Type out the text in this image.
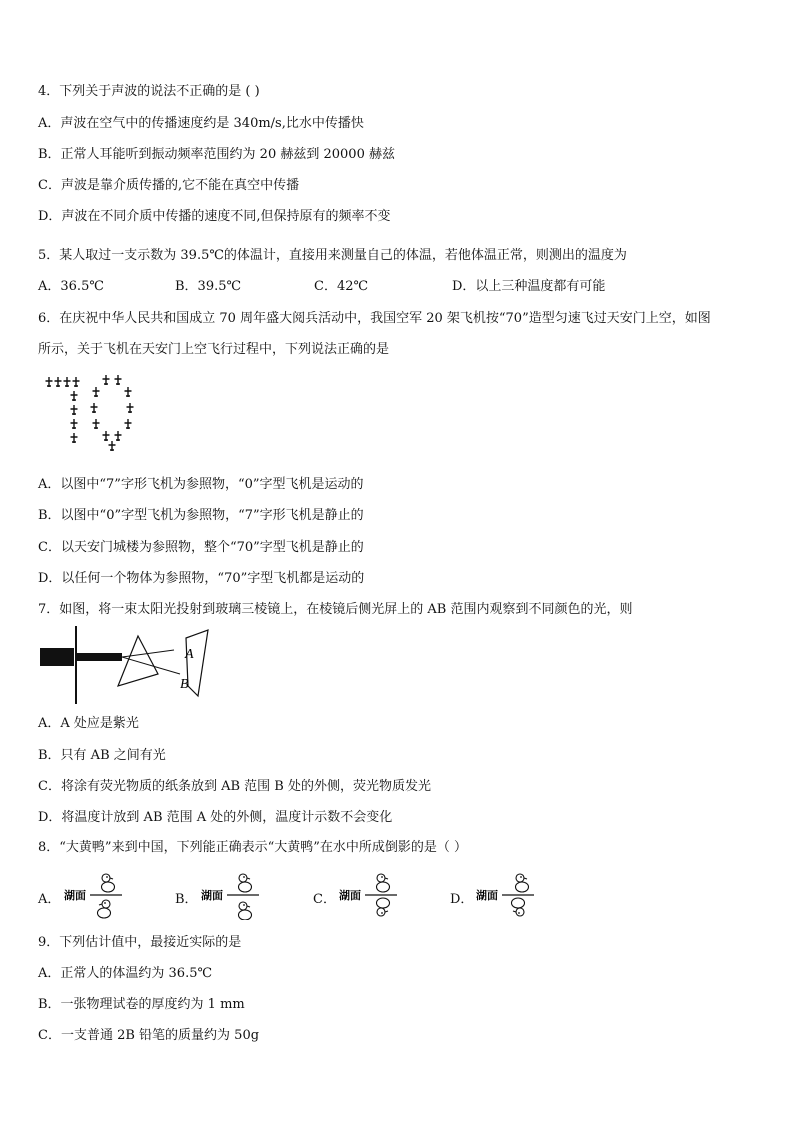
4．下列关于声波的说法不正确的是 ( )
A．声波在空气中的传播速度约是 340m/s,比水中传播快
B．正常人耳能听到振动频率范围约为 20 赫兹到 20000 赫兹
C．声波是靠介质传播的,它不能在真空中传播
D．声波在不同介质中传播的速度不同,但保持原有的频率不变
5．某人取过一支示数为 39.5℃的体温计，直接用来测量自己的体温，若他体温正常，则测出的温度为
A．36.5℃	B．39.5℃	C．42℃	D．以上三种温度都有可能
6．在庆祝中华人民共和国成立 70 周年盛大阅兵活动中，我国空军 20 架飞机按“70”造型匀速飞过天安门上空，如图
所示，关于飞机在天安门上空飞行过程中，下列说法正确的是
A．以图中“7”字形飞机为参照物，“0”字型飞机是运动的
B．以图中“0”字型飞机为参照物，“7”字形飞机是静止的
C．以天安门城楼为参照物，整个“70”字型飞机是静止的
D．以任何一个物体为参照物，“70”字型飞机都是运动的
7．如图，将一束太阳光投射到玻璃三棱镜上，在棱镜后侧光屏上的 AB 范围内观察到不同颜色的光，则
A
B
A．A 处应是紫光
B．只有 AB 之间有光
C．将涂有荧光物质的纸条放到 AB 范围 B 处的外侧，荧光物质发光
D．将温度计放到 AB 范围 A 处的外侧，温度计示数不会变化
8．“大黄鸭”来到中国，下列能正确表示“大黄鸭”在水中所成倒影的是（ ）
A． 湖面	B． 湖面	C． 湖面	D． 湖面
9．下列估计值中，最接近实际的是
A．正常人的体温约为 36.5℃
B．一张物理试卷的厚度约为 1 mm
C．一支普通 2B 铅笔的质量约为 50g
